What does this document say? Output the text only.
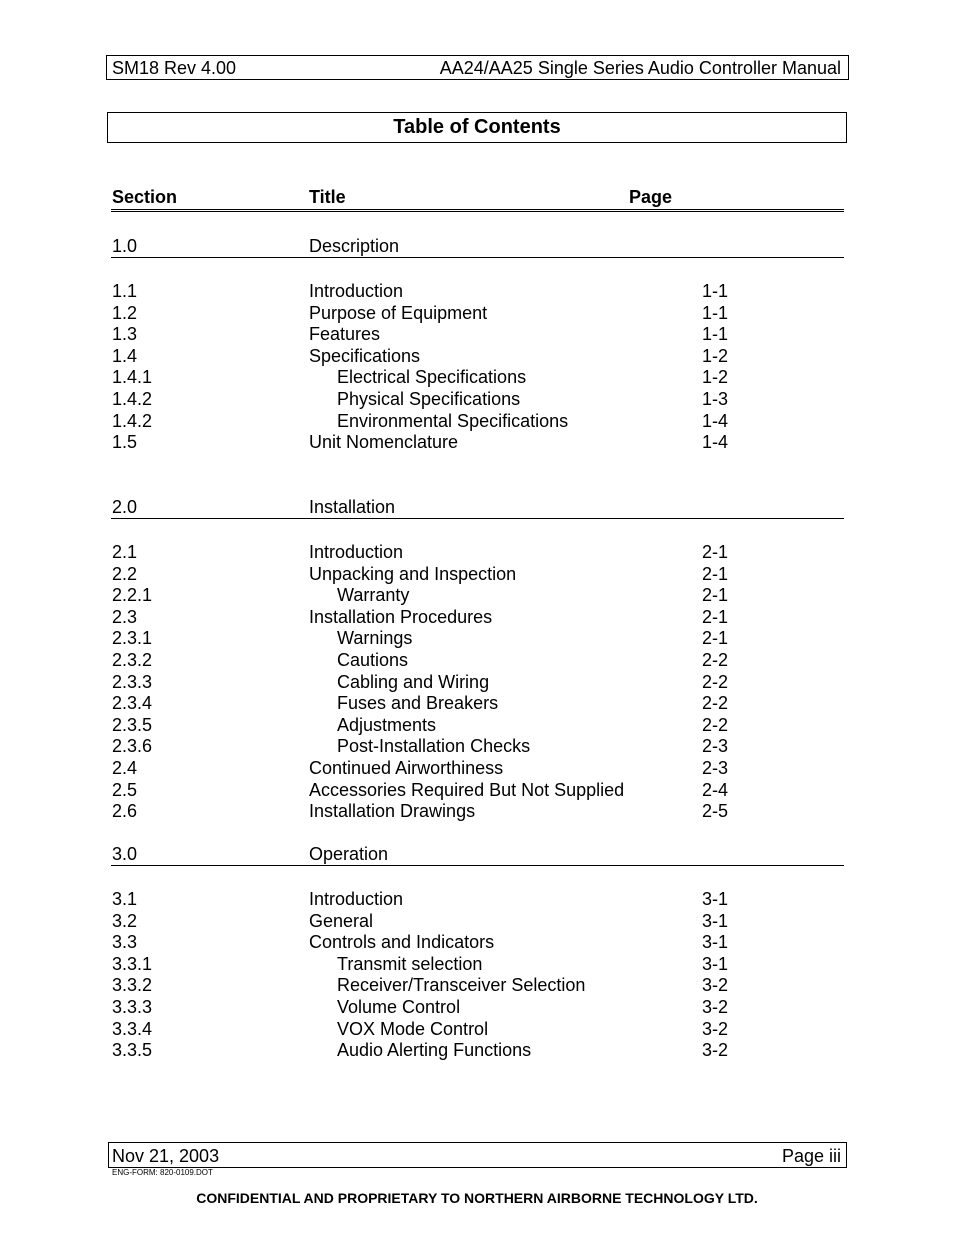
SM18 Rev 4.00	AA24/AA25 Single Series Audio Controller Manual
Table of Contents
Section	Title	Page
1.0	Description
1.1	Introduction	1-1
1.2	Purpose of Equipment	1-1
1.3	Features	1-1
1.4	Specifications	1-2
1.4.1	Electrical Specifications	1-2
1.4.2	Physical Specifications	1-3
1.4.2	Environmental Specifications	1-4
1.5	Unit Nomenclature	1-4
2.0	Installation
2.1	Introduction	2-1
2.2	Unpacking and Inspection	2-1
2.2.1	Warranty	2-1
2.3	Installation Procedures	2-1
2.3.1	Warnings	2-1
2.3.2	Cautions	2-2
2.3.3	Cabling and Wiring	2-2
2.3.4	Fuses and Breakers	2-2
2.3.5	Adjustments	2-2
2.3.6	Post-Installation Checks	2-3
2.4	Continued Airworthiness	2-3
2.5	Accessories Required But Not Supplied	2-4
2.6	Installation Drawings	2-5
3.0	Operation
3.1	Introduction	3-1
3.2	General	3-1
3.3	Controls and Indicators	3-1
3.3.1	Transmit selection	3-1
3.3.2	Receiver/Transceiver Selection	3-2
3.3.3	Volume Control	3-2
3.3.4	VOX Mode Control	3-2
3.3.5	Audio Alerting Functions	3-2
Nov 21, 2003	Page iii
ENG-FORM: 820-0109.DOT
CONFIDENTIAL AND PROPRIETARY TO NORTHERN AIRBORNE TECHNOLOGY LTD.
